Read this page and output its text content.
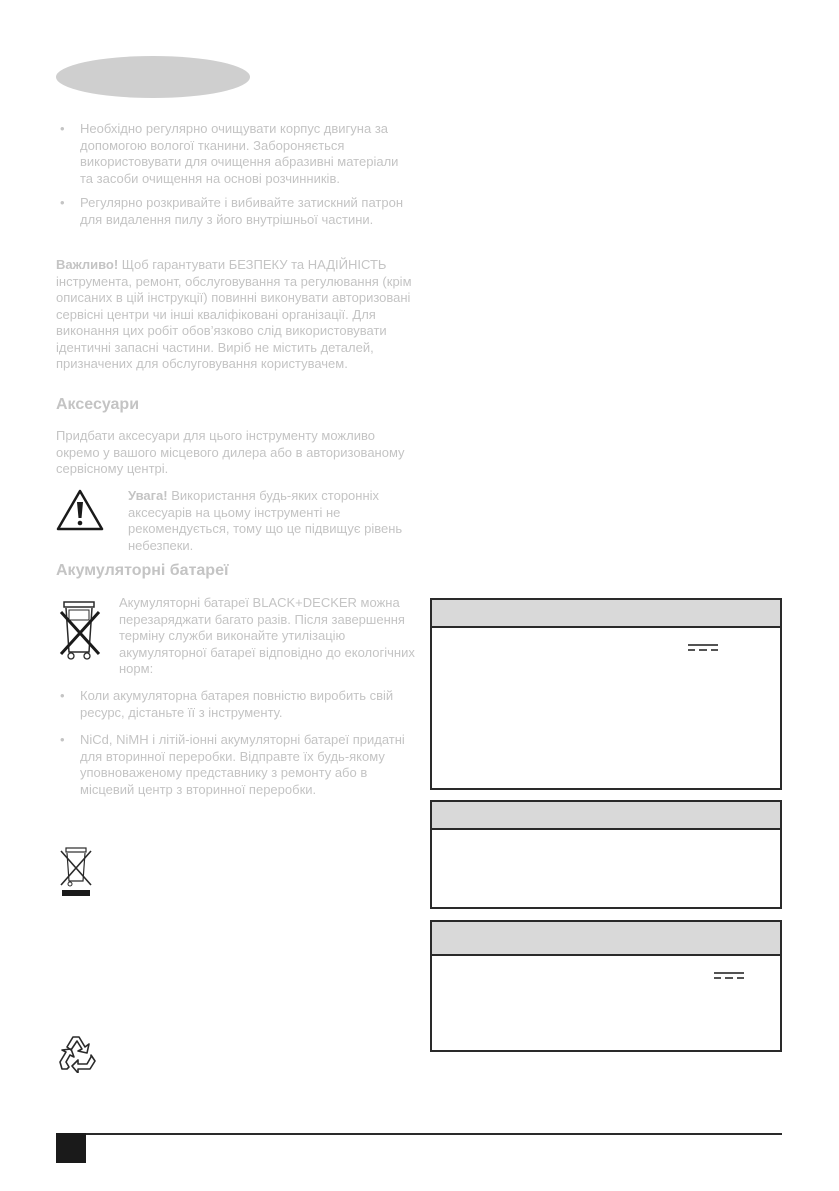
• Необхідно регулярно очищувати корпус двигуна за допомогою вологої тканини. Забороняється використовувати для очищення абразивні матеріали та засоби очищення на основі розчинників.
• Регулярно розкривайте і вибивайте затискний патрон для видалення пилу з його внутрішньої частини.
Важливо! Щоб гарантувати БЕЗПЕКУ та НАДІЙНІСТЬ інструмента, ремонт, обслуговування та регулювання (крім описаних в цій інструкції) повинні виконувати авторизовані сервісні центри чи інші кваліфіковані організації. Для виконання цих робіт обов’язково слід використовувати ідентичні запасні частини. Виріб не містить деталей, призначених для обслуговування користувачем.
Аксесуари
Придбати аксесуари для цього інструменту можливо окремо у вашого місцевого дилера або в авторизованому сервісному центрі.
Увага! Використання будь-яких сторонніх аксесуарів на цьому інструменті не рекомендується, тому що це підвищує рівень небезпеки.
Акумуляторні батареї
Акумуляторні батареї BLACK+DECKER можна перезаряджати багато разів. Після завершення терміну служби виконайте утилізацію акумуляторної батареї відповідно до екологічних норм:
• Коли акумуляторна батарея повністю виробить свій ресурс, дістаньте її з інструменту.
• NiCd, NiMH і літій-іонні акумуляторні батареї придатні для вторинної переробки. Відправте їх будь-якому уповноваженому представнику з ремонту або в місцевий центр з вторинної переробки.
